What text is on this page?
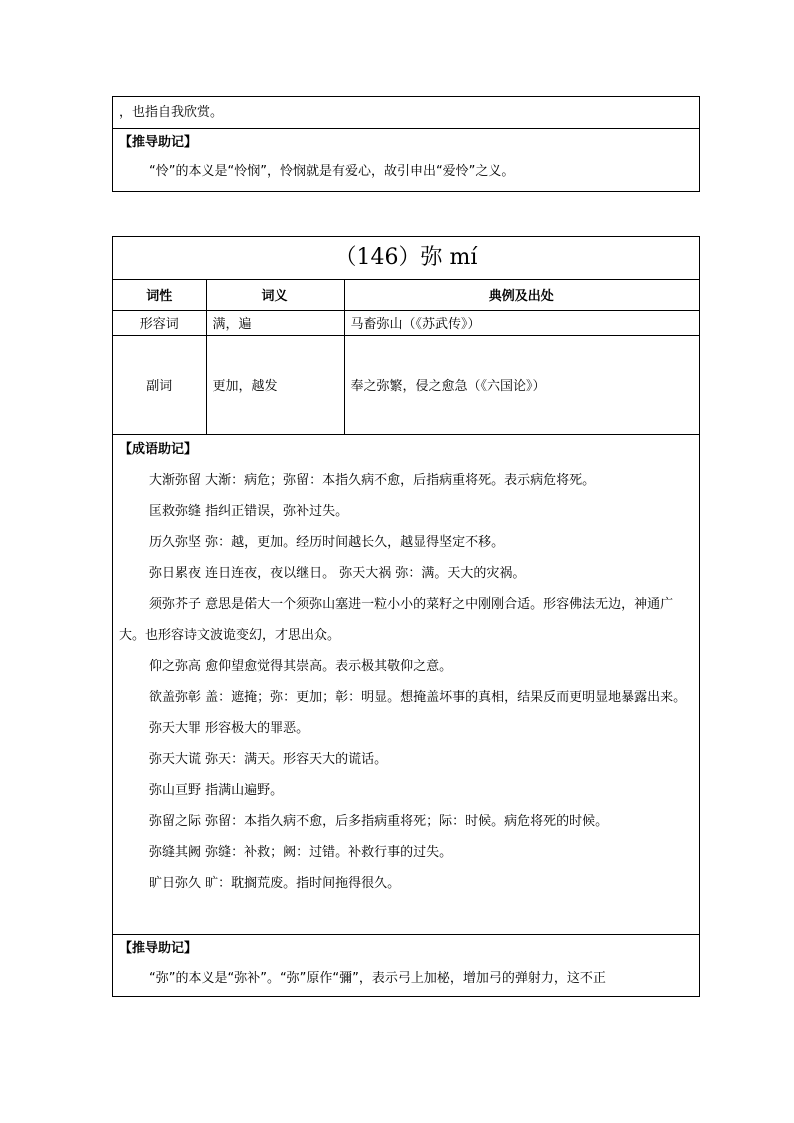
，也指自我欣赏。
【推导助记】
“怜”的本义是“怜悯”，怜悯就是有爱心，故引申出“爱怜”之义。
（146）弥 mí
词性	词义	典例及出处
形容词	满，遍	马畜弥山（《苏武传》）
副词	更加，越发	奉之弥繁，侵之愈急（《六国论》）
【成语助记】
大渐弥留 大渐：病危；弥留：本指久病不愈，后指病重将死。表示病危将死。
匡救弥缝 指纠正错误，弥补过失。
历久弥坚 弥：越，更加。经历时间越长久，越显得坚定不移。
弥日累夜 连日连夜，夜以继日。 弥天大祸 弥：满。天大的灾祸。
须弥芥子 意思是偌大一个须弥山塞进一粒小小的菜籽之中刚刚合适。形容佛法无边，神通广大。也形容诗文波诡变幻，才思出众。
仰之弥高 愈仰望愈觉得其崇高。表示极其敬仰之意。
欲盖弥彰 盖：遮掩；弥：更加；彰：明显。想掩盖坏事的真相，结果反而更明显地暴露出来。
弥天大罪 形容极大的罪恶。
弥天大谎 弥天：满天。形容天大的谎话。
弥山亘野 指满山遍野。
弥留之际 弥留：本指久病不愈，后多指病重将死；际：时候。病危将死的时候。
弥缝其阙 弥缝：补救；阙：过错。补救行事的过失。
旷日弥久 旷：耽搁荒废。指时间拖得很久。
【推导助记】
“弥”的本义是“弥补”。“弥”原作“彌”，表示弓上加柲，增加弓的弹射力，这不正
